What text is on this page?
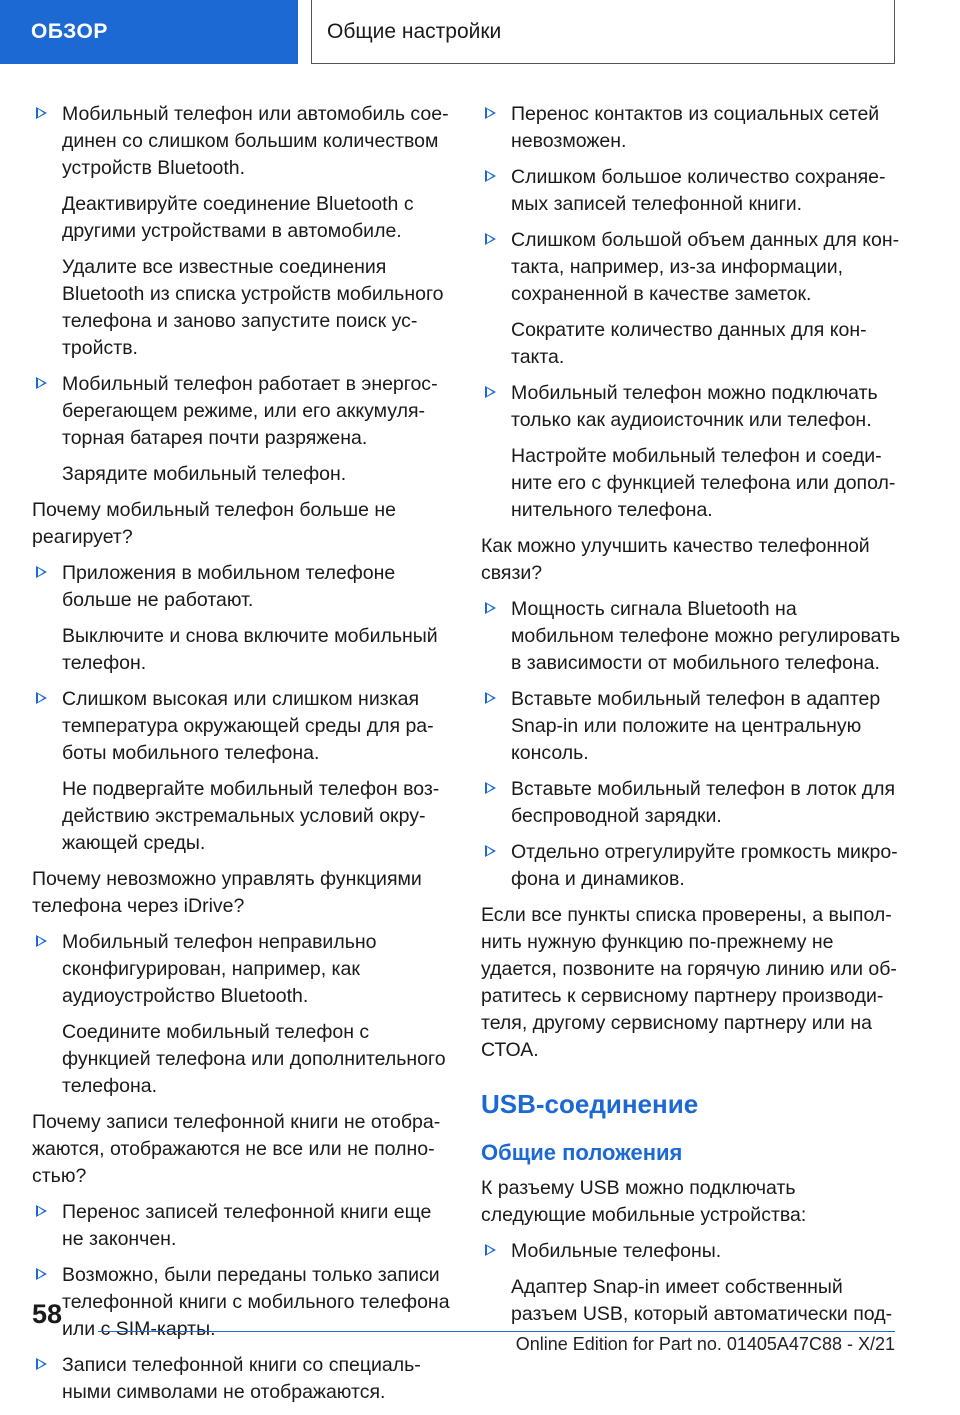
ОБЗОР	Общие настройки
Мобильный телефон или автомобиль соединен со слишком большим количеством устройств Bluetooth.
Деактивируйте соединение Bluetooth с другими устройствами в автомобиле.
Удалите все известные соединения Bluetooth из списка устройств мобильного телефона и заново запустите поиск устройств.
Мобильный телефон работает в энергосберегающем режиме, или его аккумуляторная батарея почти разряжена.
Зарядите мобильный телефон.
Почему мобильный телефон больше не реагирует?
Приложения в мобильном телефоне больше не работают.
Выключите и снова включите мобильный телефон.
Слишком высокая или слишком низкая температура окружающей среды для работы мобильного телефона.
Не подвергайте мобильный телефон воздействию экстремальных условий окружающей среды.
Почему невозможно управлять функциями телефона через iDrive?
Мобильный телефон неправильно сконфигурирован, например, как аудиоустройство Bluetooth.
Соедините мобильный телефон с функцией телефона или дополнительного телефона.
Почему записи телефонной книги не отображаются, отображаются не все или не полностью?
Перенос записей телефонной книги еще не закончен.
Возможно, были переданы только записи телефонной книги с мобильного телефона или с SIM-карты.
Записи телефонной книги со специальными символами не отображаются.
Перенос контактов из социальных сетей невозможен.
Слишком большое количество сохраняемых записей телефонной книги.
Слишком большой объем данных для контакта, например, из-за информации, сохраненной в качестве заметок.
Сократите количество данных для контакта.
Мобильный телефон можно подключать только как аудиоисточник или телефон.
Настройте мобильный телефон и соедините его с функцией телефона или дополнительного телефона.
Как можно улучшить качество телефонной связи?
Мощность сигнала Bluetooth на мобильном телефоне можно регулировать в зависимости от мобильного телефона.
Вставьте мобильный телефон в адаптер Snap-in или положите на центральную консоль.
Вставьте мобильный телефон в лоток для беспроводной зарядки.
Отдельно отрегулируйте громкость микрофона и динамиков.
Если все пункты списка проверены, а выполнить нужную функцию по-прежнему не удается, позвоните на горячую линию или обратитесь к сервисному партнеру производителя, другому сервисному партнеру или на СТОА.
USB-соединение
Общие положения
К разъему USB можно подключать следующие мобильные устройства:
Мобильные телефоны.
Адаптер Snap-in имеет собственный разъем USB, который автоматически под-
58
Online Edition for Part no. 01405A47C88 - X/21
